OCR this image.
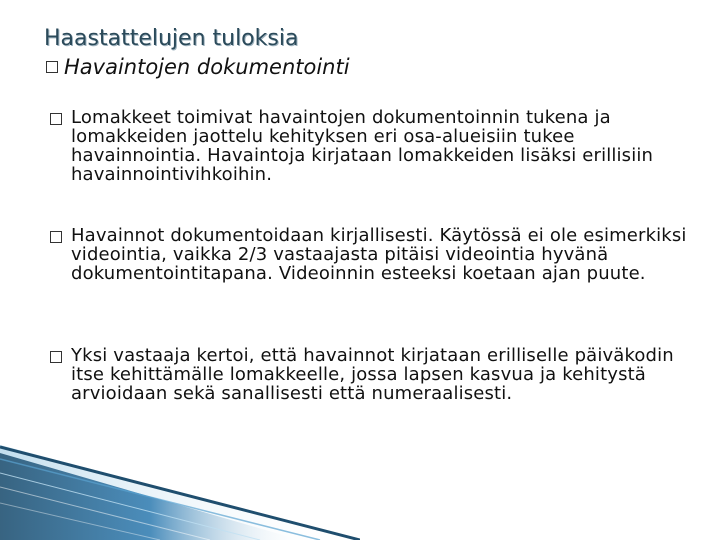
Haastattelujen tuloksia
Havaintojen dokumentointi
Lomakkeet toimivat havaintojen dokumentoinnin tukena ja lomakkeiden jaottelu kehityksen eri osa-alueisiin tukee havainnointia. Havaintoja kirjataan lomakkeiden lisäksi erillisiin havainnointivihkoihin.
Havainnot dokumentoidaan kirjallisesti. Käytössä ei ole esimerkiksi videointia, vaikka 2/3 vastaajasta pitäisi videointia hyvänä dokumentointitapana. Videoinnin esteeksi koetaan ajan puute.
Yksi vastaaja kertoi, että havainnot kirjataan erilliselle päiväkodin itse kehittämälle lomakkeelle, jossa lapsen kasvua ja kehitystä arvioidaan sekä sanallisesti että numeraalisesti.
